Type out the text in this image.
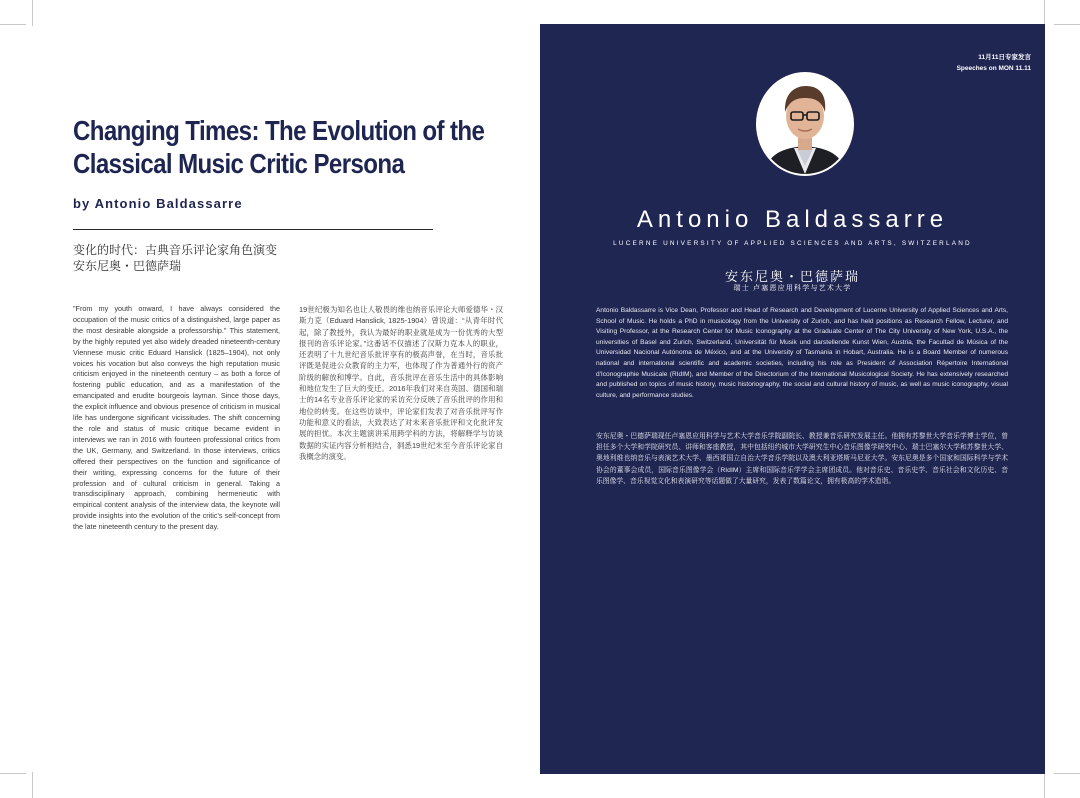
Changing Times: The Evolution of the
Classical Music Critic Persona
by Antonio Baldassarre
变化的时代：古典音乐评论家角色演变
安东尼奥・巴德萨瑞
"From my youth onward, I have always considered the occupation of the music critics of a distinguished, large paper as the most desirable alongside a professorship." This statement, by the highly reputed yet also widely dreaded nineteenth-century Viennese music critic Eduard Hanslick (1825–1904), not only voices his vocation but also conveys the high reputation music criticism enjoyed in the nineteenth century – as both a force of fostering public education, and as a manifestation of the emancipated and erudite bourgeois layman. Since those days, the explicit influence and obvious presence of criticism in musical life has undergone significant vicissitudes. The shift concerning the role and status of music critique became evident in interviews we ran in 2016 with fourteen professional critics from the UK, Germany, and Switzerland. In those interviews, critics offered their perspectives on the function and significance of their writing, expressing concerns for the future of their profession and of cultural criticism in general. Taking a transdisciplinary approach, combining hermeneutic with empirical content analysis of the interview data, the keynote will provide insights into the evolution of the critic's self-concept from the late nineteenth century to the present day.
19世纪极为知名也让人敬畏的维也纳音乐评论大师爱德华・汉斯力克（Eduard Hanslick, 1825-1904）曾说道：“从青年时代起，除了教授外，我认为最好的职业就是成为一份优秀的大型报刊的音乐评论家。”这番话不仅描述了汉斯力克本人的职业，还表明了十九世纪音乐批评享有的极高声誉，在当时，音乐批评既是促进公众教育的主力军，也体现了作为普通外行的资产阶级的解放和博学。自此，音乐批评在音乐生活中的具体影响和地位发生了巨大的变迁。2016年我们对来自英国、德国和瑞士的14名专业音乐评论家的采访充分反映了音乐批评的作用和地位的转变。在这些访谈中，评论家们发表了对音乐批评写作功能和意义的看法，大致表达了对未来音乐批评和文化批评发展的担忧。本次主题演讲采用跨学科的方法，将解释学与访谈数据的实证内容分析相结合，洞悉19世纪末至今音乐评论家自我概念的演变。
11月11日专家发言
Speeches on MON 11.11
Antonio Baldassarre
LUCERNE UNIVERSITY OF APPLIED SCIENCES AND ARTS, SWITZERLAND
安东尼奥・巴德萨瑞
瑞士 卢塞恩应用科学与艺术大学
Antonio Baldassarre is Vice Dean, Professor and Head of Research and Development of Lucerne University of Applied Sciences and Arts, School of Music. He holds a PhD in musicology from the University of Zurich, and has held positions as Research Fellow, Lecturer, and Visiting Professor, at the Research Center for Music Iconography at the Graduate Center of The City University of New York, U.S.A., the universities of Basel and Zurich, Switzerland, Universität für Musik und darstellende Kunst Wien, Austria, the Facultad de Música of the Universidad Nacional Autónoma de México, and at the University of Tasmania in Hobart, Australia. He is a Board Member of numerous national and international scientific and academic societies, including his role as President of Association Répertoire International d'Iconographie Musicale (RIdIM), and Member of the Directorium of the International Musicological Society. He has extensively researched and published on topics of music history, music historiography, the social and cultural history of music, as well as music iconography, visual culture, and performance studies.
安东尼奥・巴德萨瑞现任卢塞恩应用科学与艺术大学音乐学院副院长、教授兼音乐研究发展主任。他拥有苏黎世大学音乐学博士学位，曾担任多个大学和学院研究员、讲师和客座教授，其中包括纽约城市大学研究生中心音乐图像学研究中心、瑞士巴塞尔大学和苏黎世大学、奥地利维也纳音乐与表演艺术大学、墨西哥国立自治大学音乐学院以及澳大利亚塔斯马尼亚大学。安东尼奥是多个国家和国际科学与学术协会的董事会成员，国际音乐图像学会（RIdIM）主席和国际音乐学学会主席团成员。他对音乐史、音乐史学、音乐社会和文化历史、音乐图像学、音乐视觉文化和表演研究等话题做了大量研究，发表了数篇论文，拥有极高的学术造诣。
